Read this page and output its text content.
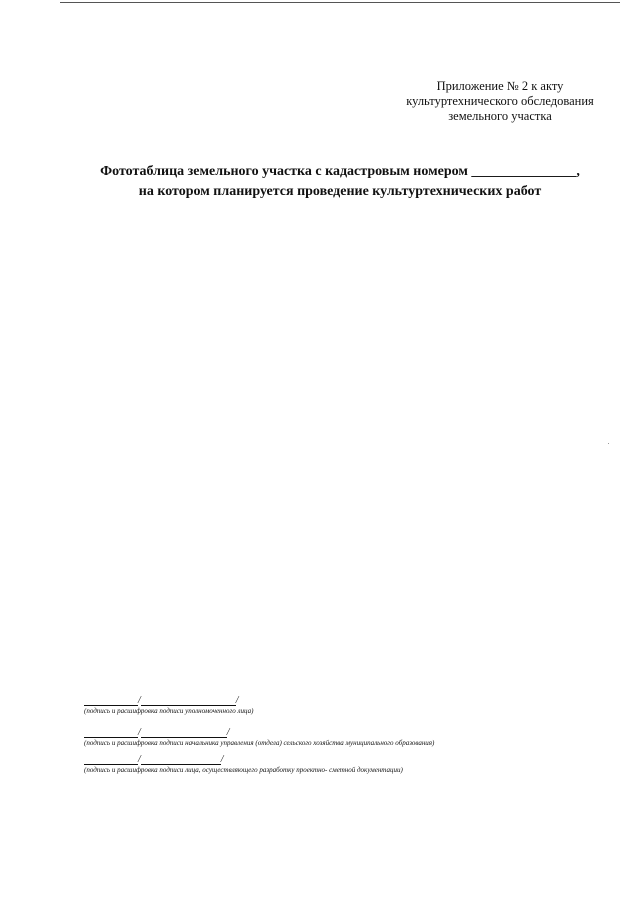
Приложение № 2 к акту
культуртехнического обследования
земельного участка
Фототаблица земельного участка с кадастровым номером _______________,
на котором планируется проведение культуртехнических работ
/	/
(подпись и расшифровка подписи уполномоченного лица)
/	/
(подпись и расшифровка подписи начальника управления (отдела) сельского хозяйства муниципального образования)
/	/
(подпись и расшифровка подписи лица, осуществляющего разработку проектно- сметной документации)
